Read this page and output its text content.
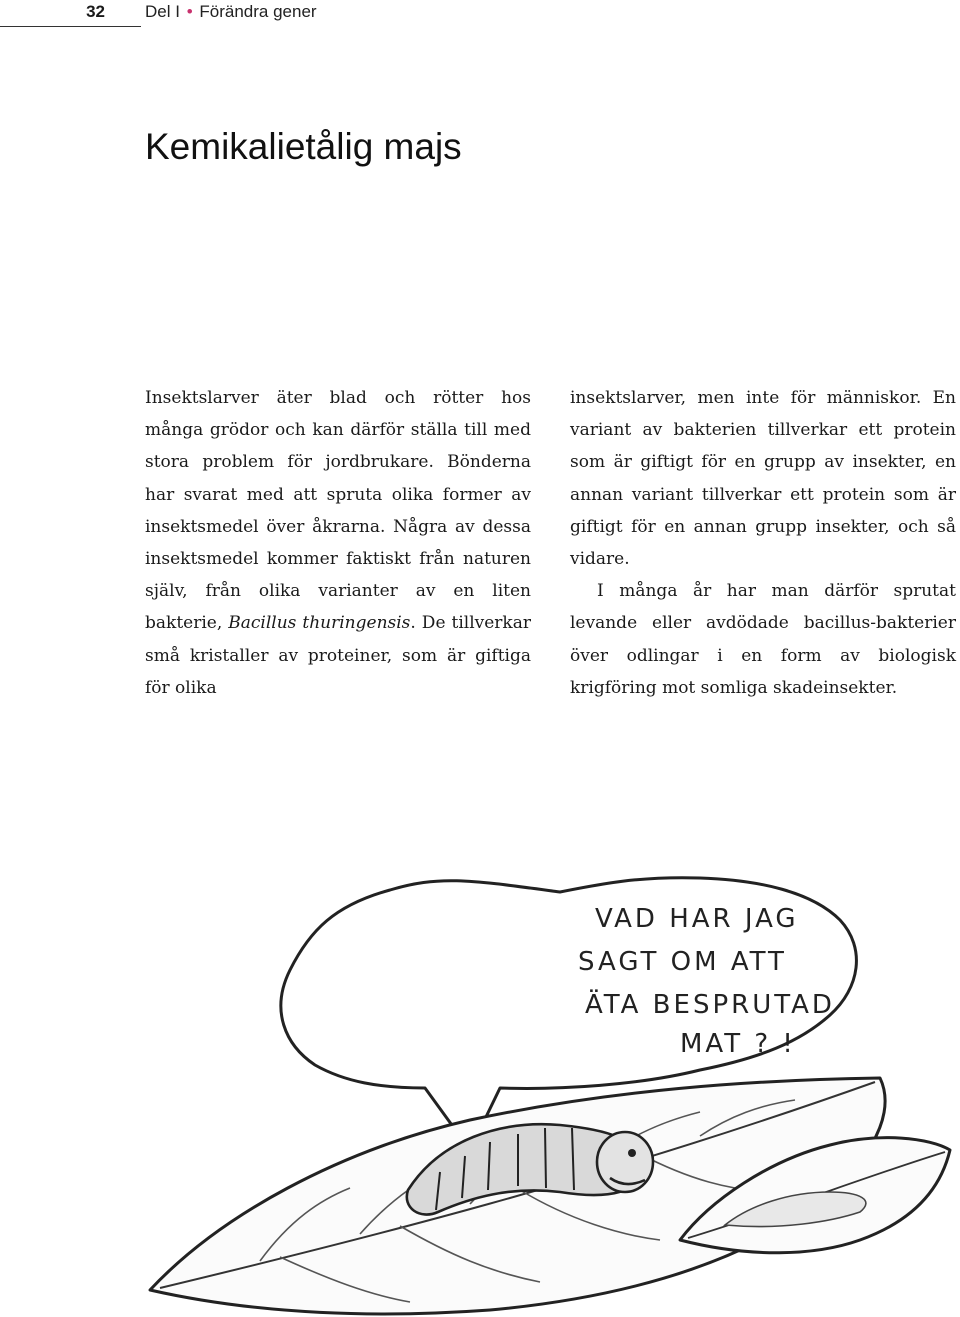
32 Del I • Förändra gener
Kemikalietålig majs

Insektslarver äter blad och rötter hos många grödor och kan därför ställa till med stora problem för jordbrukare. Bönderna har svarat med att spruta olika former av insektsmedel över åkrarna. Några av dessa insektsmedel kommer faktiskt från naturen själv, från olika varianter av en liten bakterie, Bacillus thuringensis. De tillverkar små kristaller av proteiner, som är giftiga för olika

insektslarver, men inte för människor. En variant av bakterien tillverkar ett protein som är giftigt för en grupp av insekter, en annan variant tillverkar ett protein som är giftigt för en annan grupp insekter, och så vidare.

I många år har man därför sprutat levande eller avdödade bacillus-bakterier över odlingar i en form av biologisk krigföring mot somliga skadeinsekter.

VAD HAR JAG
SAGT OM ATT
ÄTA BESPRUTAD
MAT ? !
